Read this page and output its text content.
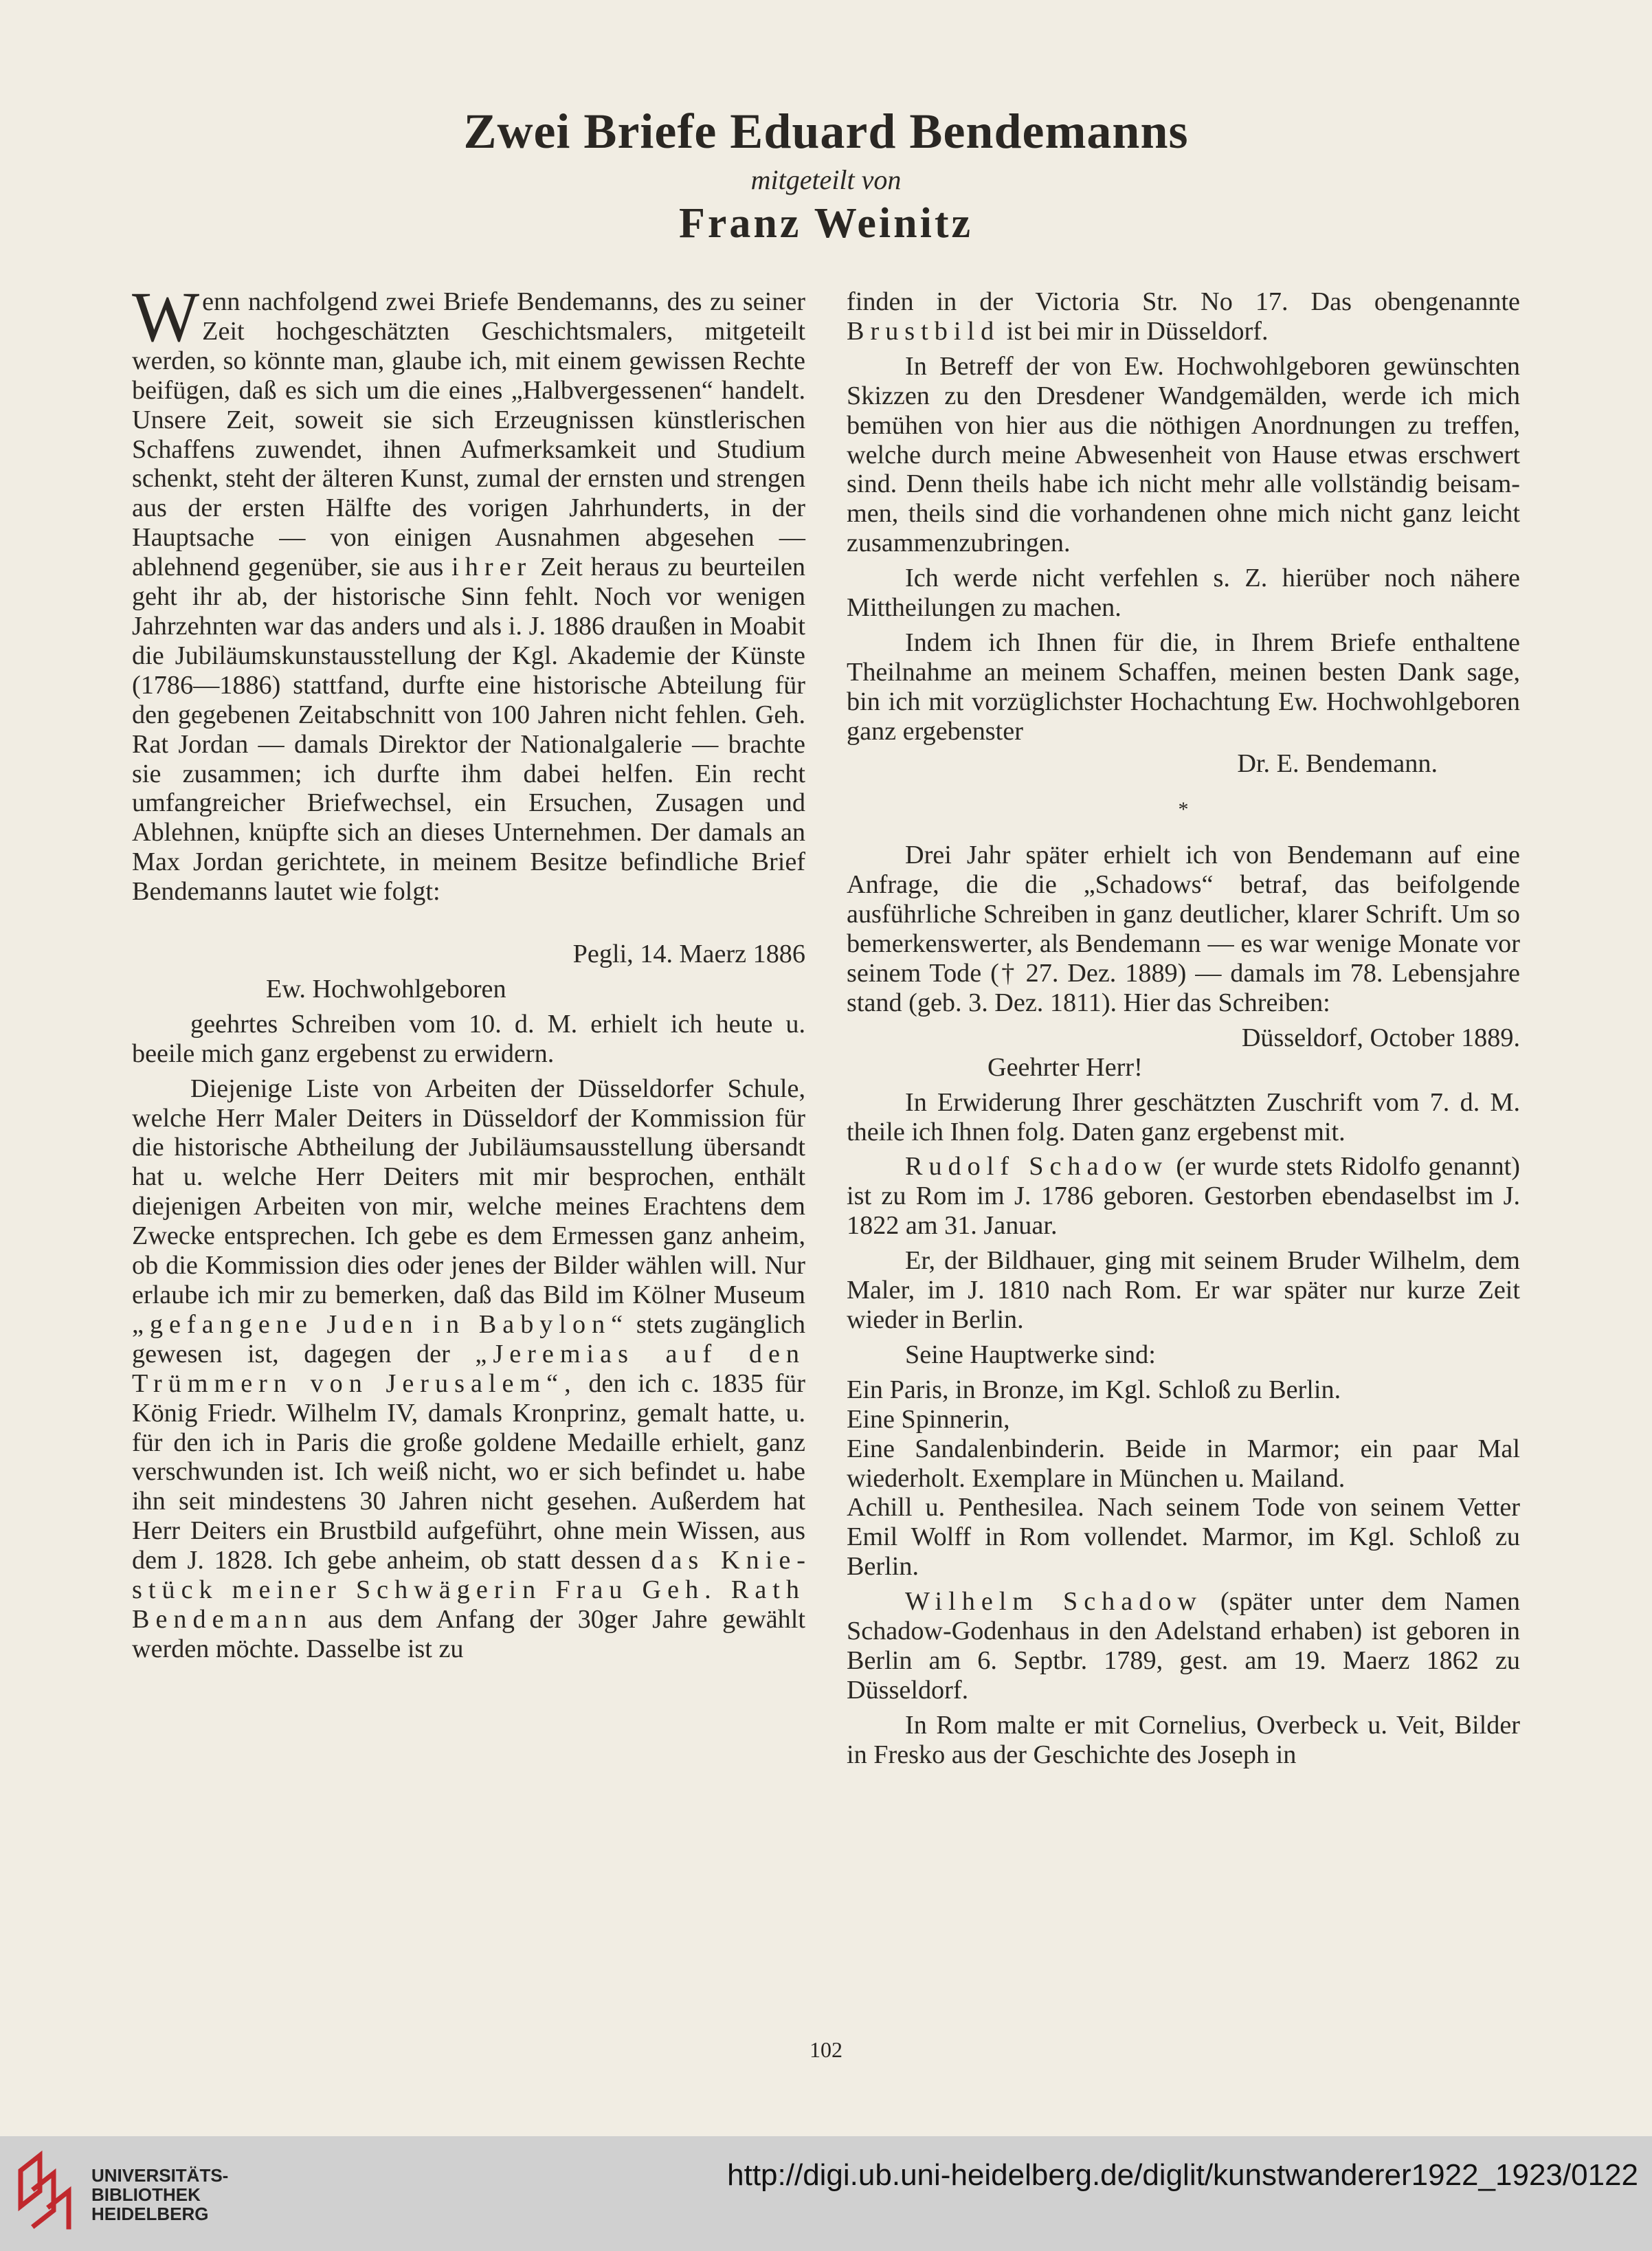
Zwei Briefe Eduard Bendemanns
mitgeteilt von
Franz Weinitz

Wenn nachfolgend zwei Briefe Bendemanns, des zu seiner Zeit hochgeschätzten Geschichtsmalers, mitgeteilt werden, so könnte man, glaube ich, mit einem gewissen Rechte beifügen, daß es sich um die eines „Halbvergessenen“ handelt. Unsere Zeit, soweit sie sich Erzeugnissen künstlerischen Schaffens zuwendet, ihnen Aufmerksamkeit und Studium schenkt, steht der älteren Kunst, zumal der ernsten und strengen aus der ersten Hälfte des vorigen Jahrhunderts, in der Hauptsache — von einigen Ausnahmen abgesehen — ablehnend gegenüber, sie aus ihrer Zeit heraus zu beurteilen geht ihr ab, der historische Sinn fehlt. Noch vor wenigen Jahrzehnten war das anders und als i. J. 1886 draußen in Moabit die Jubiläumskunstausstellung der Kgl. Akademie der Künste (1786—1886) stattfand, durfte eine historische Abteilung für den gegebenen Zeitabschnitt von 100 Jahren nicht fehlen. Geh. Rat Jordan — damals Direktor der Nationalgalerie — brachte sie zusammen; ich durfte ihm dabei helfen. Ein recht umfangreicher Briefwechsel, ein Ersuchen, Zusagen und Ablehnen, knüpfte sich an dieses Unternehmen. Der damals an Max Jordan gerichtete, in meinem Besitze befindliche Brief Bendemanns lautet wie folgt:

Pegli, 14. Maerz 1886

Ew. Hochwohlgeboren

geehrtes Schreiben vom 10. d. M. erhielt ich heute u. beeile mich ganz ergebenst zu erwidern.

Diejenige Liste von Arbeiten der Düsseldorfer Schule, welche Herr Maler Deiters in Düsseldorf der Kommission für die historische Abtheilung der Jubiläumsausstellung übersandt hat u. welche Herr Deiters mit mir besprochen, enthält diejenigen Arbeiten von mir, welche meines Erachtens dem Zwecke entsprechen. Ich gebe es dem Ermessen ganz anheim, ob die Kommission dies oder jenes der Bilder wählen will. Nur erlaube ich mir zu bemerken, daß das Bild im Kölner Museum „gefangene Juden in Babylon“ stets zugänglich gewesen ist, dagegen der „Jeremias auf den Trümmern von Jerusalem“, den ich c. 1835 für König Friedr. Wilhelm IV, damals Kronprinz, gemalt hatte, u. für den ich in Paris die große goldene Medaille erhielt, ganz verschwunden ist. Ich weiß nicht, wo er sich befindet u. habe ihn seit mindestens 30 Jahren nicht gesehen. Außerdem hat Herr Deiters ein Brustbild aufgeführt, ohne mein Wissen, aus dem J. 1828. Ich gebe anheim, ob statt dessen das Kniestück meiner Schwägerin Frau Geh. Rath Bendemann aus dem Anfang der 30ger Jahre gewählt werden möchte. Dasselbe ist zu

finden in der Victoria Str. No 17. Das obengenannte Brustbild ist bei mir in Düsseldorf.

In Betreff der von Ew. Hochwohlgeboren gewünschten Skizzen zu den Dresdener Wandgemälden, werde ich mich bemühen von hier aus die nöthigen Anordnungen zu treffen, welche durch meine Abwesenheit von Hause etwas erschwert sind. Denn theils habe ich nicht mehr alle vollständig beisammen, theils sind die vorhandenen ohne mich nicht ganz leicht zusammenzubringen.

Ich werde nicht verfehlen s. Z. hierüber noch nähere Mittheilungen zu machen.

Indem ich Ihnen für die, in Ihrem Briefe enthaltene Theilnahme an meinem Schaffen, meinen besten Dank sage, bin ich mit vorzüglichster Hochachtung Ew. Hochwohlgeboren ganz ergebenster

Dr. E. Bendemann.

*

Drei Jahr später erhielt ich von Bendemann auf eine Anfrage, die die „Schadows“ betraf, das beifolgende ausführliche Schreiben in ganz deutlicher, klarer Schrift. Um so bemerkenswerter, als Bendemann — es war wenige Monate vor seinem Tode († 27. Dez. 1889) — damals im 78. Lebensjahre stand (geb. 3. Dez. 1811). Hier das Schreiben:

Düsseldorf, October 1889.

Geehrter Herr!

In Erwiderung Ihrer geschätzten Zuschrift vom 7. d. M. theile ich Ihnen folg. Daten ganz ergebenst mit.

Rudolf Schadow (er wurde stets Ridolfo genannt) ist zu Rom im J. 1786 geboren. Gestorben ebendaselbst im J. 1822 am 31. Januar.

Er, der Bildhauer, ging mit seinem Bruder Wilhelm, dem Maler, im J. 1810 nach Rom. Er war später nur kurze Zeit wieder in Berlin.

Seine Hauptwerke sind:

Ein Paris, in Bronze, im Kgl. Schloß zu Berlin.

Eine Spinnerin,

Eine Sandalenbinderin. Beide in Marmor; ein paar Mal wiederholt. Exemplare in München u. Mailand.

Achill u. Penthesilea. Nach seinem Tode von seinem Vetter Emil Wolff in Rom vollendet. Marmor, im Kgl. Schloß zu Berlin.

Wilhelm Schadow (später unter dem Namen Schadow-Godenhaus in den Adelstand erhaben) ist geboren in Berlin am 6. Septbr. 1789, gest. am 19. Maerz 1862 zu Düsseldorf.

In Rom malte er mit Cornelius, Overbeck u. Veit, Bilder in Fresko aus der Geschichte des Joseph in

102
UNIVERSITÄTS-
BIBLIOTHEK
HEIDELBERG
http://digi.ub.uni-heidelberg.de/diglit/kunstwanderer1922_1923/0122
